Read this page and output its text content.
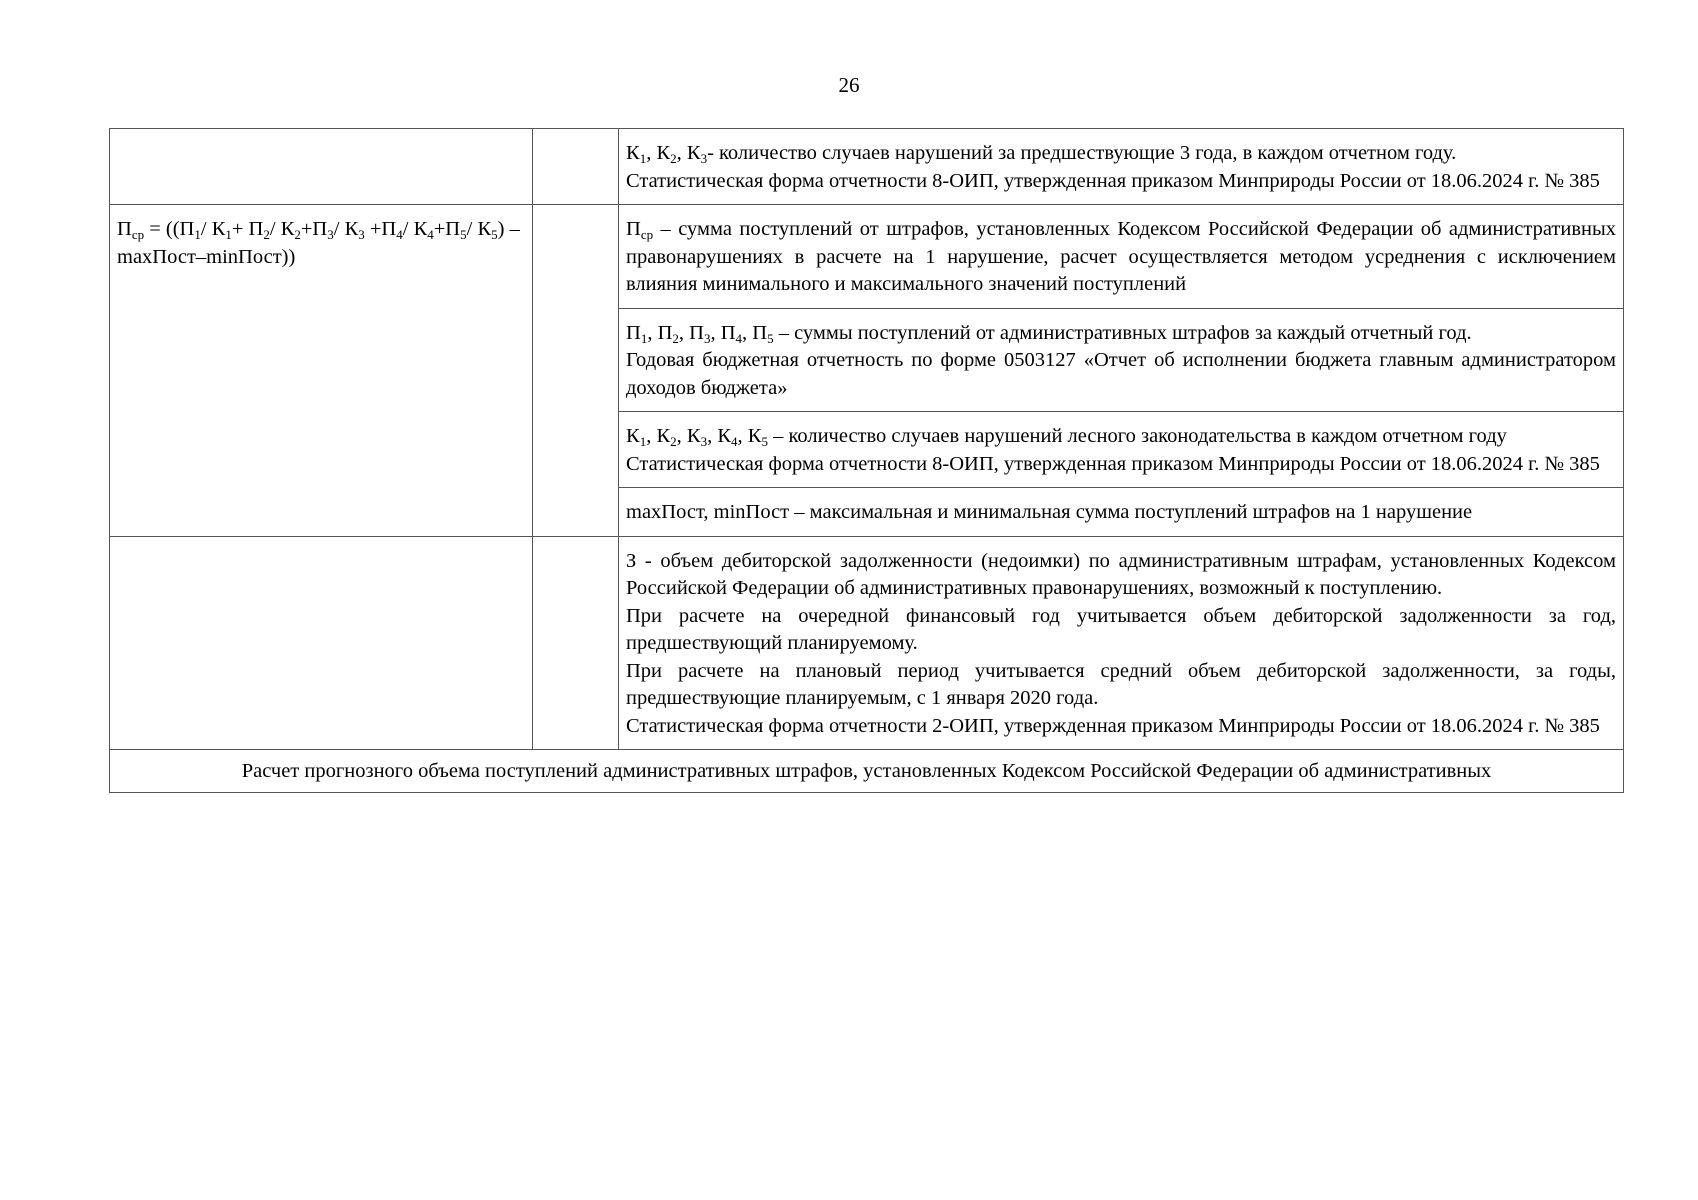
26

		$К_1$, $К_2$, $К_3-$ количество случаев нарушений за предшествующие 3 года, в каждом отчетном году.
Статистическая форма отчетности 8-ОИП, утвержденная приказом Минприроды России от 18.06.2024 г. № 385

$П_{ср} = ((П_1/$ $К_1+ П_2/$ $К_2+П_3/$ $К_3 +П_4/$ $К_4+П_5/$ $К_5$) – maxПост–minПост))		$П_{ср}$ – сумма поступлений от штрафов, установленных Кодексом Российской Федерации об административных правонарушениях в расчете на 1 нарушение, расчет осуществляется методом усреднения с исключением влияния минимального и максимального значений поступлений

		$П_1$, $П_2$, $П_3$, $П_4$, $П_5$ – суммы поступлений от административных штрафов за каждый отчетный год.
Годовая бюджетная отчетность по форме 0503127 «Отчет об исполнении бюджета главным администратором доходов бюджета»

		$К_1$, $К_2$, $К_3$, $К_4$, $К_5$ – количество случаев нарушений лесного законодательства в каждом отчетном году
Статистическая форма отчетности 8-ОИП, утвержденная приказом Минприроды России от 18.06.2024 г. № 385

		maxПост, minПост – максимальная и минимальная сумма поступлений штрафов на 1 нарушение

		З - объем дебиторской задолженности (недоимки) по административным штрафам, установленных Кодексом Российской Федерации об административных правонарушениях, возможный к поступлению.
При расчете на очередной финансовый год учитывается объем дебиторской задолженности за год, предшествующий планируемому.
При расчете на плановый период учитывается средний объем дебиторской задолженности, за годы, предшествующие планируемым, с 1 января 2020 года.
Статистическая форма отчетности 2-ОИП, утвержденная приказом Минприроды России от 18.06.2024 г. № 385

Расчет прогнозного объема поступлений административных штрафов, установленных Кодексом Российской Федерации об административных		
